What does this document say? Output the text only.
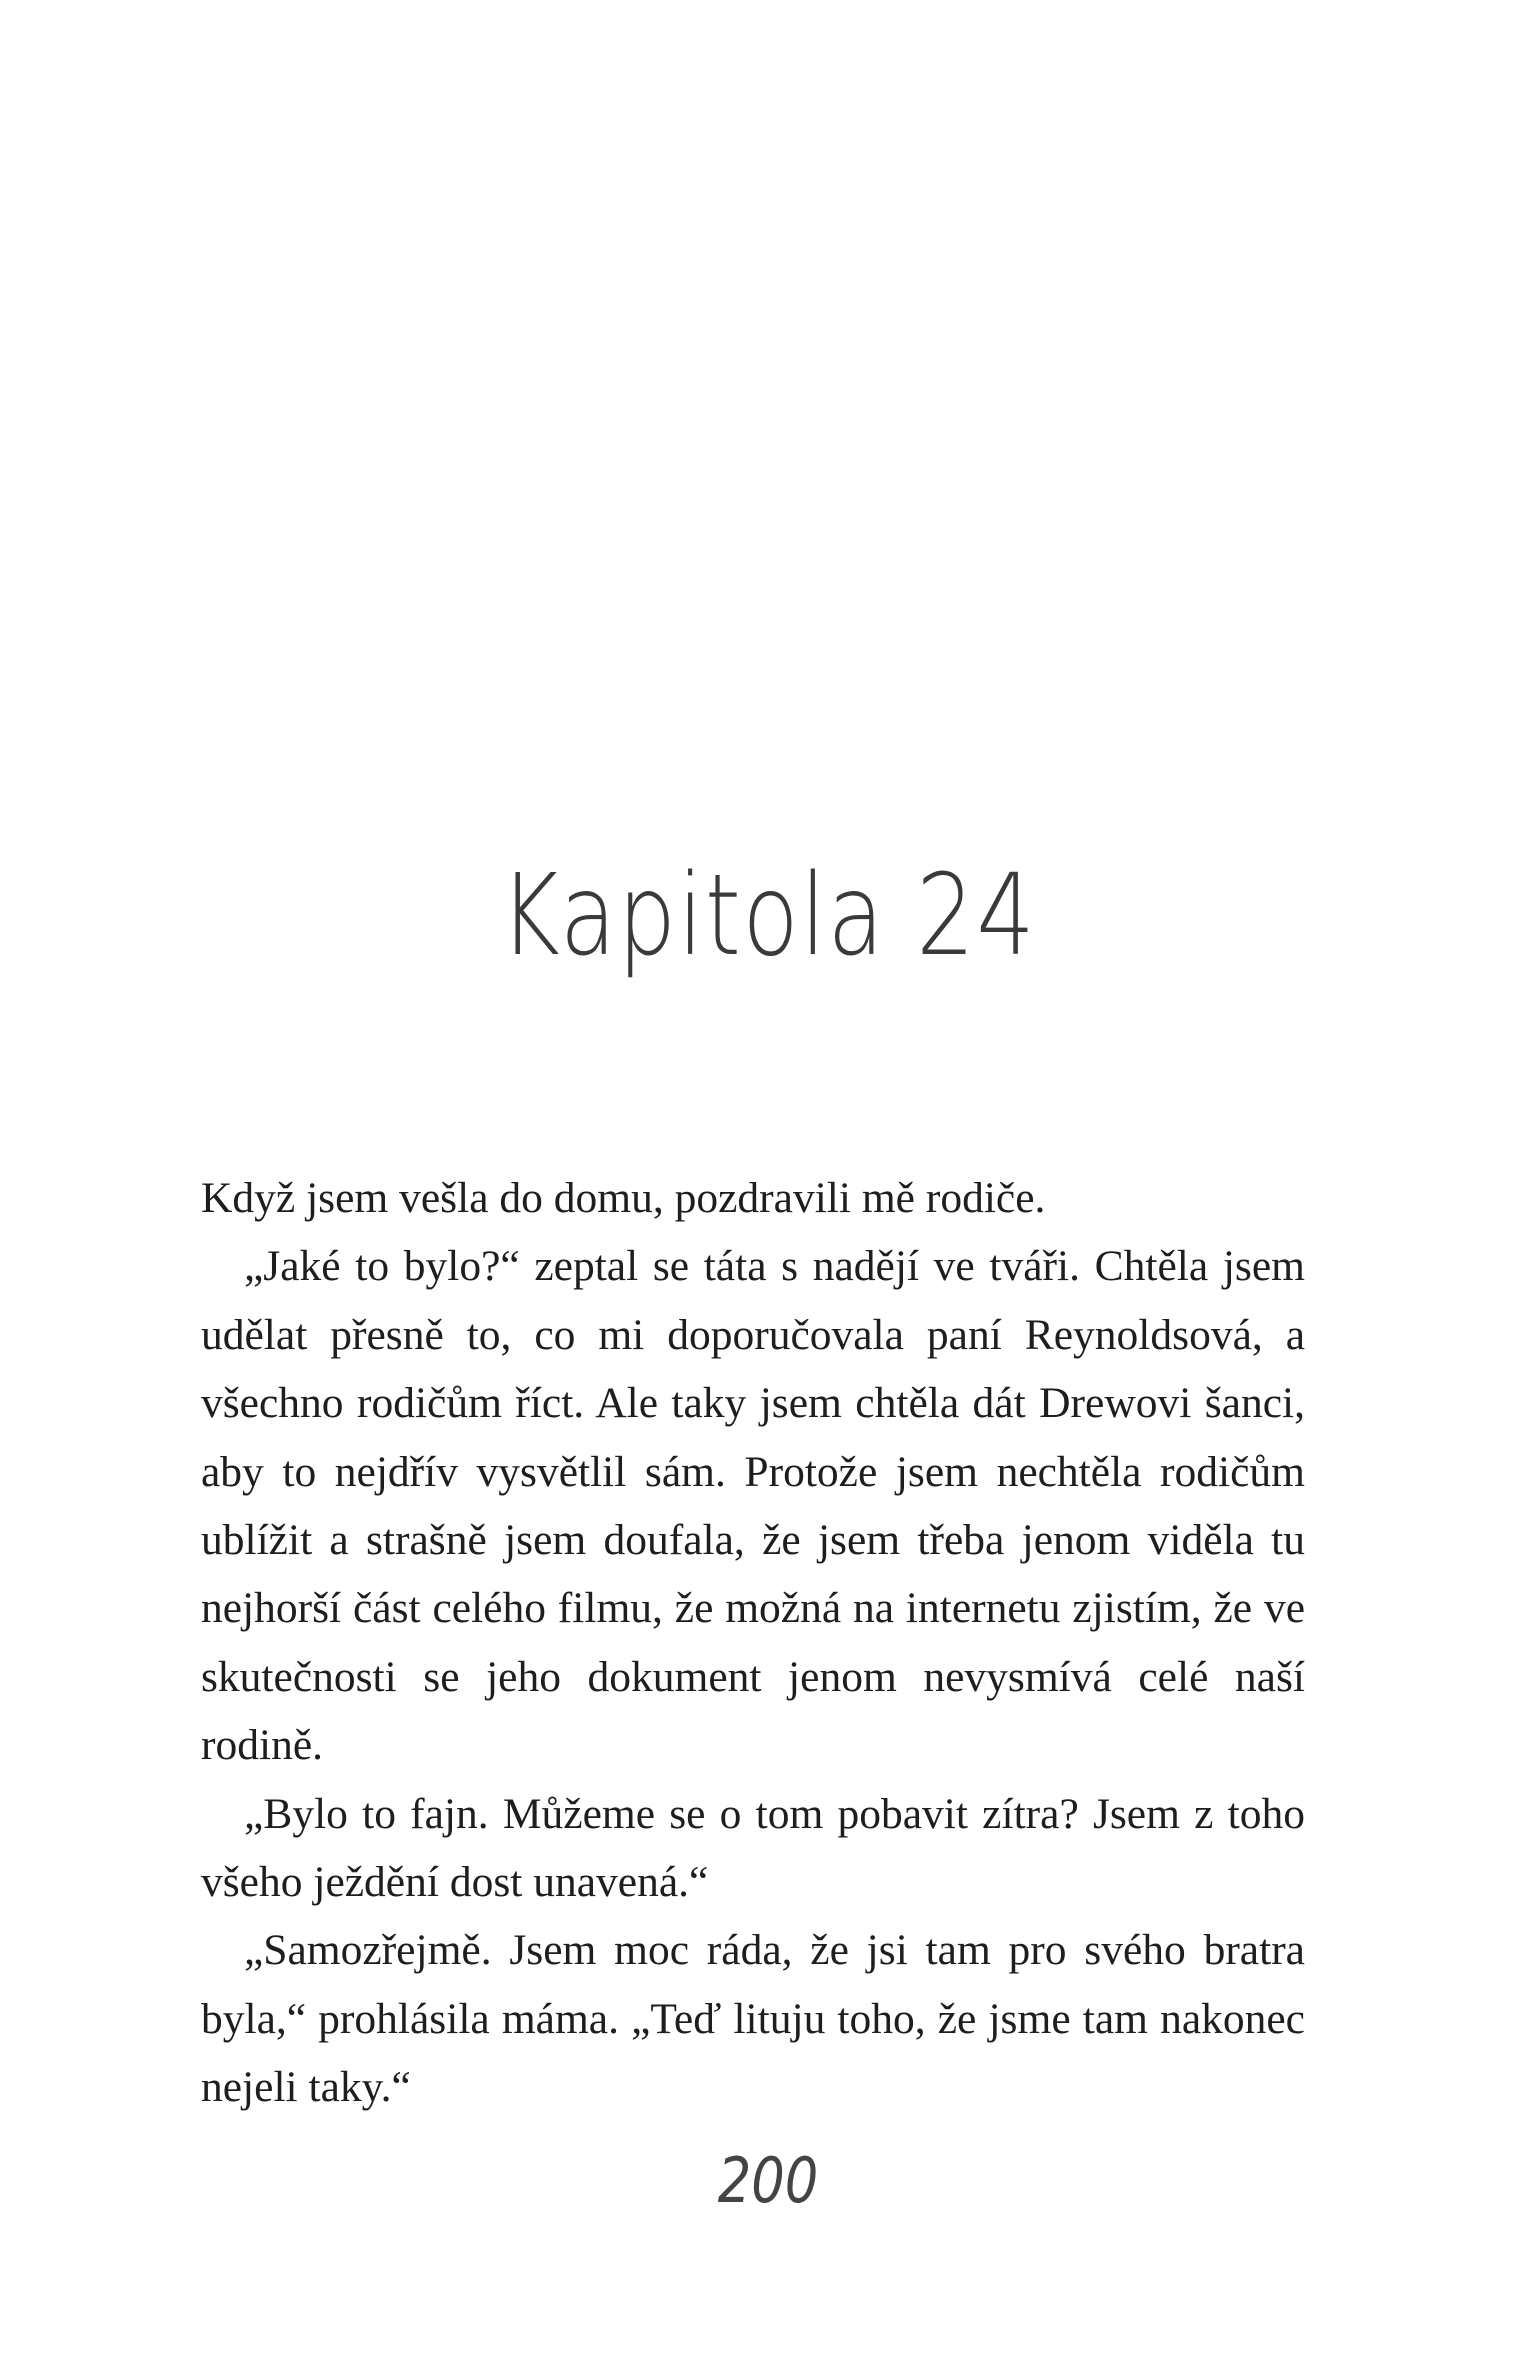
Kapitola 24

Když jsem vešla do domu, pozdravili mě rodiče.

„Jaké to bylo?“ zeptal se táta s nadějí ve tváři. Chtěla jsem udělat přesně to, co mi doporučovala paní Reynoldsová, a všechno rodičům říct. Ale taky jsem chtěla dát Drewovi šanci, aby to nejdřív vysvětlil sám. Protože jsem nechtěla rodičům ublížit a strašně jsem doufala, že jsem třeba jenom viděla tu nejhorší část celého filmu, že možná na internetu zjistím, že ve skutečnosti se jeho dokument jenom nevysmívá celé naší rodině.

„Bylo to fajn. Můžeme se o tom pobavit zítra? Jsem z toho všeho ježdění dost unavená.“

„Samozřejmě. Jsem moc ráda, že jsi tam pro svého bratra byla,“ prohlásila máma. „Teď lituju toho, že jsme tam nakonec nejeli taky.“

200
